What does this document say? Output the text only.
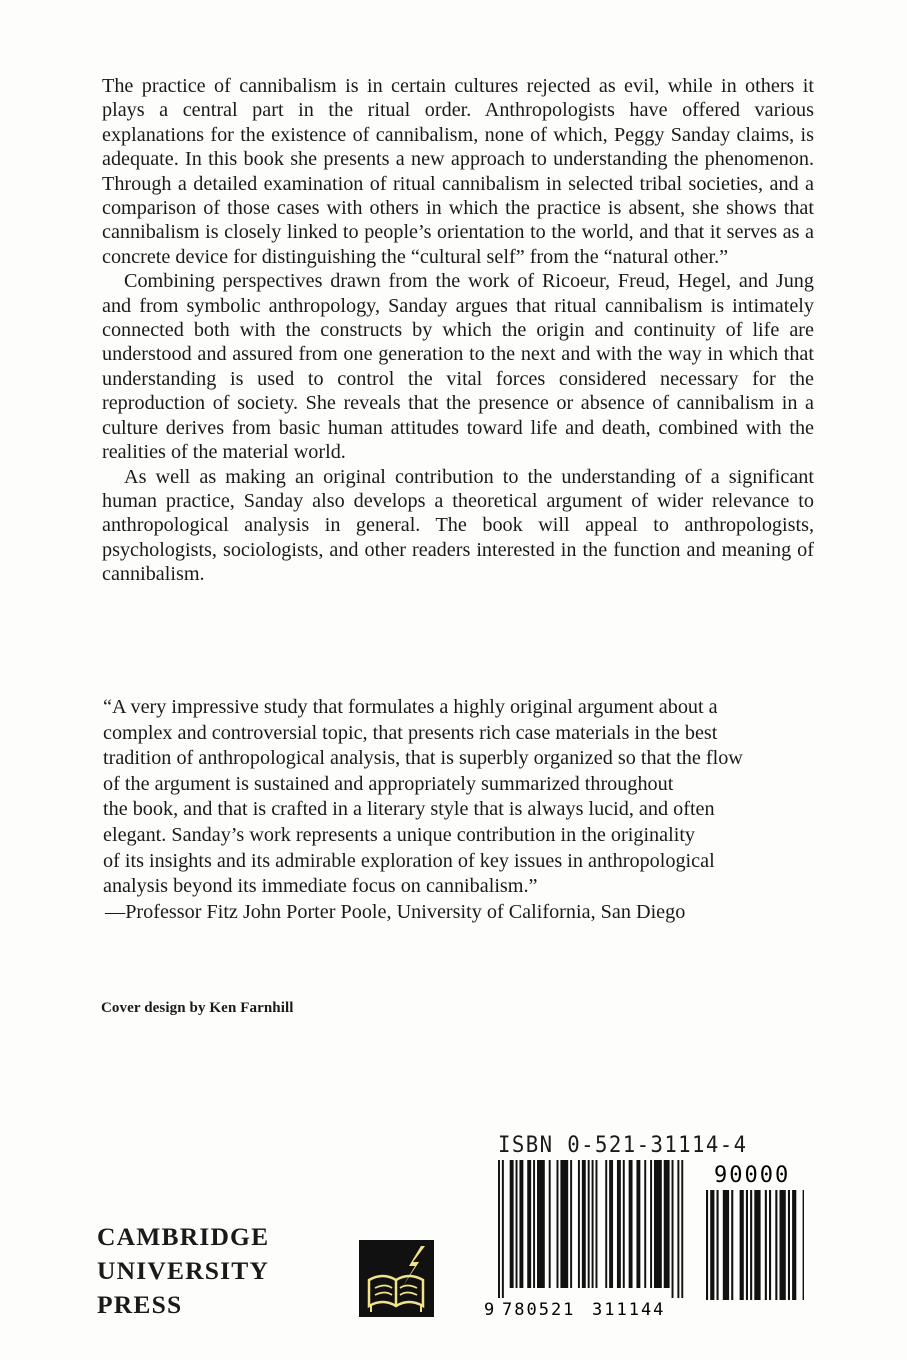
The practice of cannibalism is in certain cultures rejected as evil, while in others it plays a central part in the ritual order. Anthropologists have offered various explanations for the existence of cannibalism, none of which, Peggy Sanday claims, is adequate. In this book she presents a new approach to understanding the phenomenon. Through a detailed examination of ritual cannibalism in selected tribal societies, and a comparison of those cases with others in which the practice is absent, she shows that cannibalism is closely linked to people’s orientation to the world, and that it serves as a concrete device for distinguishing the “cultural self” from the “natural other.”

Combining perspectives drawn from the work of Ricoeur, Freud, Hegel, and Jung and from symbolic anthropology, Sanday argues that ritual cannibalism is intimately connected both with the constructs by which the origin and continuity of life are understood and assured from one generation to the next and with the way in which that understanding is used to control the vital forces considered necessary for the reproduction of society. She reveals that the presence or absence of cannibalism in a culture derives from basic human attitudes toward life and death, combined with the realities of the material world.

As well as making an original contribution to the understanding of a significant human practice, Sanday also develops a theoretical argument of wider relevance to anthropological analysis in general. The book will appeal to anthropologists, psychologists, sociologists, and other readers interested in the function and meaning of cannibalism.

“A very impressive study that formulates a highly original argument about a

complex and controversial topic, that presents rich case materials in the best

tradition of anthropological analysis, that is superbly organized so that the flow

of the argument is sustained and appropriately summarized throughout

the book, and that is crafted in a literary style that is always lucid, and often

elegant. Sanday’s work represents a unique contribution in the originality

of its insights and its admirable exploration of key issues in anthropological

analysis beyond its immediate focus on cannibalism.”

—Professor Fitz John Porter Poole, University of California, San Diego

Cover design by Ken Farnhill
CAMBRIDGE
UNIVERSITY
PRESS
ISBN 0-521-31114-4
9 780521 311144
90000
